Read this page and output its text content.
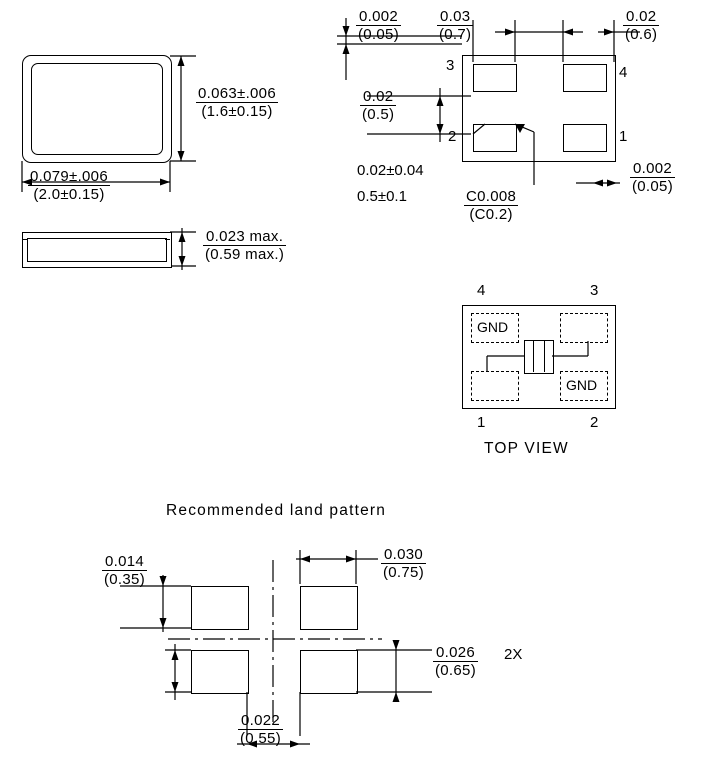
0.063±.006
(1.6±0.15)
0.079±.006
(2.0±0.15)
0.023 max.
(0.59 max.)
0.002
(0.05)
0.03
(0.7)
0.02
(0.6)
0.02
(0.5)
0.02±0.04
0.5±0.1	C0.008
(C0.2)
0.002
(0.05)
3	4
2	1
GND
GND
4	3
1	2
TOP VIEW
Recommended land pattern
0.014
(0.35)
0.030
(0.75)
0.026
(0.65)
2X
0.022
(0.55)
